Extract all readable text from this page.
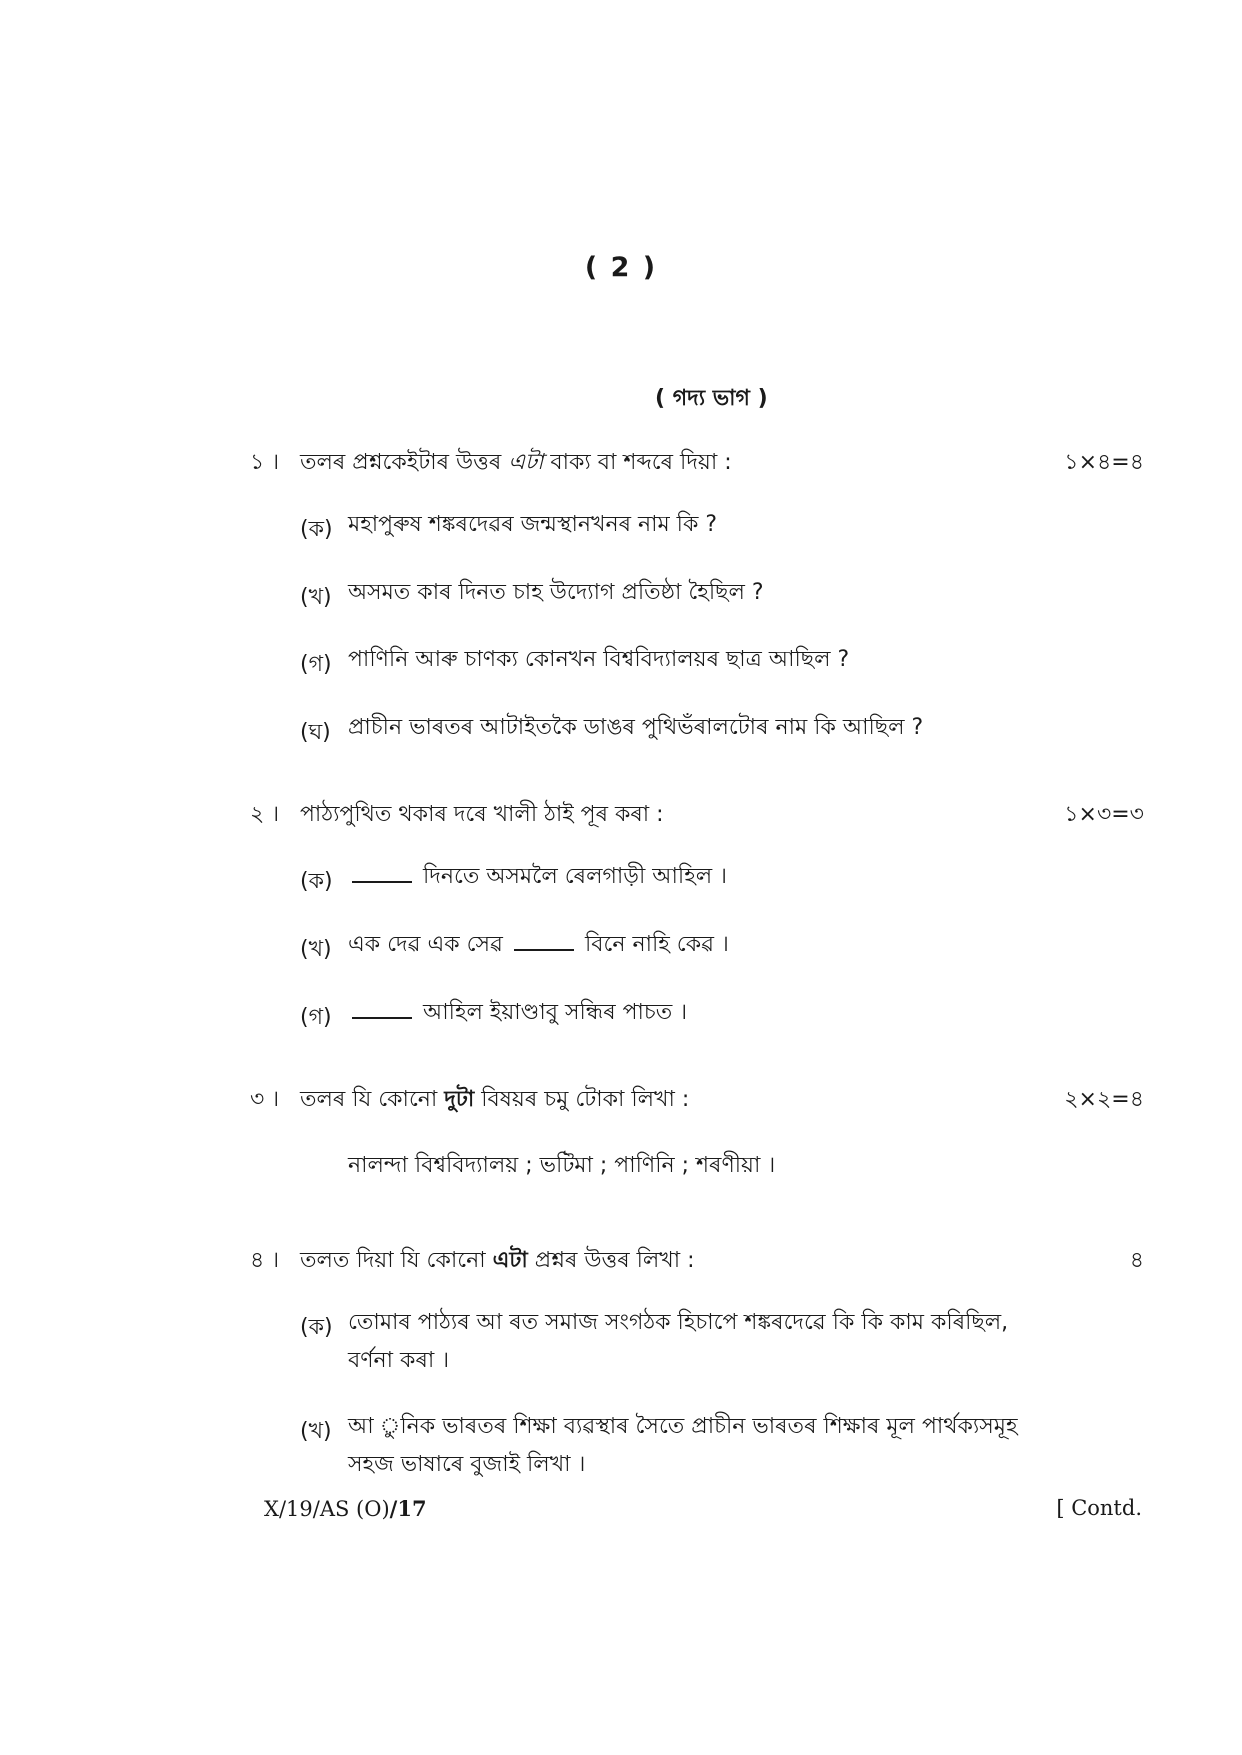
( 2 )
( গদ্য ভাগ )
১ । তলৰ প্ৰশ্নকেইটাৰ উত্তৰ এটা বাক্য বা শব্দৰে দিয়া :	১×৪=৪
(ক) মহাপুৰুষ শঙ্কৰদেৱৰ জন্মস্থানখনৰ নাম কি ?
(খ) অসমত কাৰ দিনত চাহ উদ্যোগ প্ৰতিষ্ঠা হৈছিল ?
(গ) পাণিনি আৰু চাণক্য কোনখন বিশ্ববিদ্যালয়ৰ ছাত্ৰ আছিল ?
(ঘ) প্ৰাচীন ভাৰতৰ আটাইতকৈ ডাঙৰ পুথিভঁৰালটোৰ নাম কি আছিল ?
২ । পাঠ্যপুথিত থকাৰ দৰে খালী ঠাই পূৰ কৰা :	১×৩=৩
(ক)	দিনতে অসমলৈ ৰেলগাড়ী আহিল ।
(খ) এক দেৱ এক সেৱ	বিনে নাহি কেৱ ।
(গ)	আহিল ইয়াণ্ডাবু সন্ধিৰ পাচত ।
৩ । তলৰ যি কোনো দুটা বিষয়ৰ চমু টোকা লিখা :	২×২=৪
নালন্দা বিশ্ববিদ্যালয় ; ভটিমা ; পাণিনি ; শৰণীয়া ।
৪ । তলত দিয়া যি কোনো এটা প্ৰশ্নৰ উত্তৰ লিখা :	৪
(ক) তোমাৰ পাঠ্যৰ আ ৰত সমাজ সংগঠক হিচাপে শঙ্কৰদেৱে কি কি কাম কৰিছিল,
বৰ্ণনা কৰা ।
(খ) আ ুনিক ভাৰতৰ শিক্ষা ব্যৱস্থাৰ সৈতে প্ৰাচীন ভাৰতৰ শিক্ষাৰ মূল পাৰ্থক্যসমূহ
সহজ ভাষাৰে বুজাই লিখা ।
X/19/AS (O)/17	[ Contd.
